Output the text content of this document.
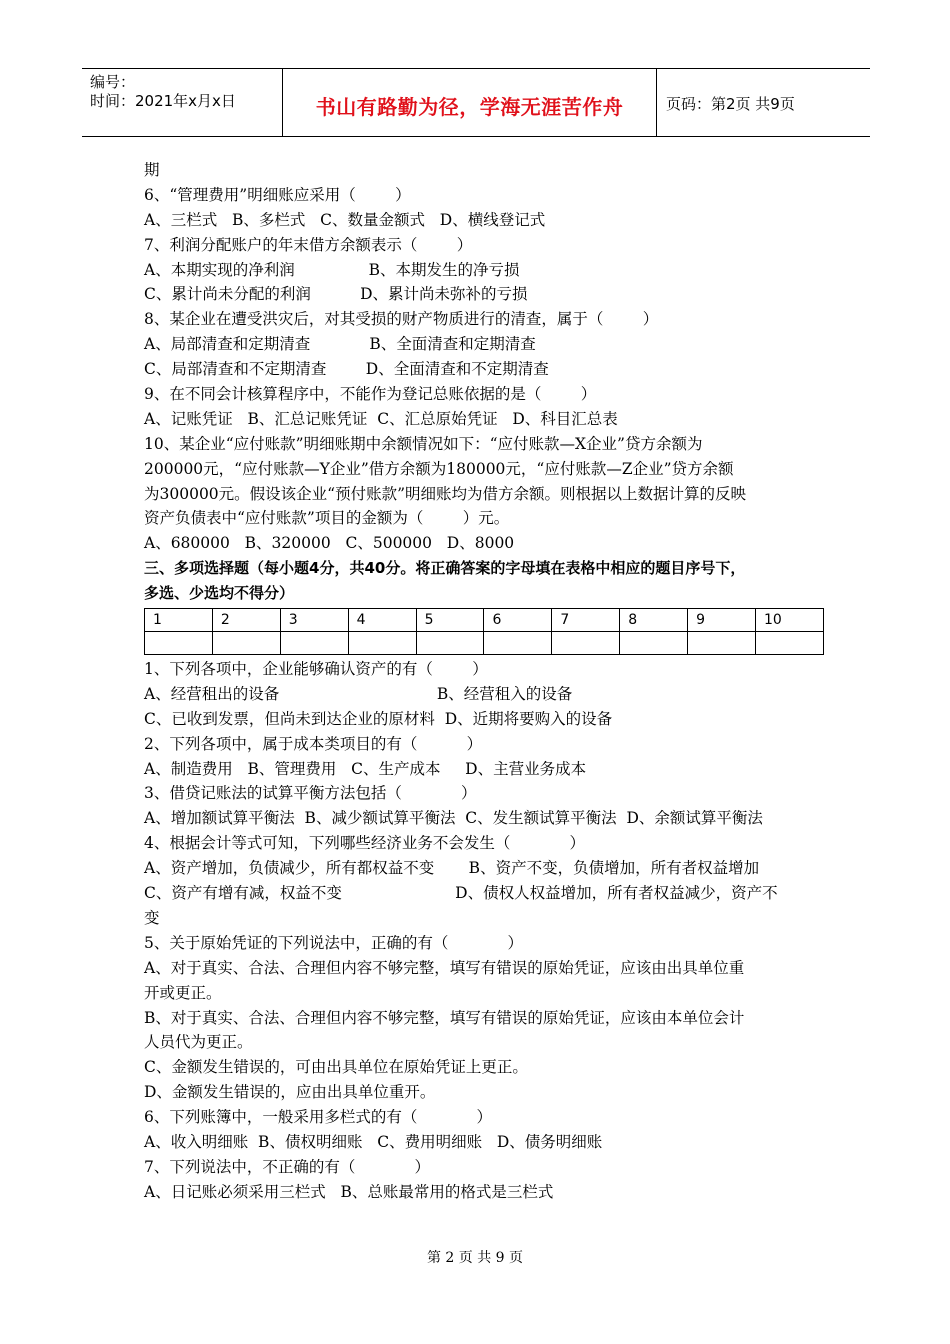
编号：
时间：2021年x月x日	书山有路勤为径，学海无涯苦作舟	页码：第2页 共9页
期
6、“管理费用”明细账应采用（        ）
A、三栏式   B、多栏式   C、数量金额式   D、横线登记式
7、利润分配账户的年末借方余额表示（        ）
A、本期实现的净利润               B、本期发生的净亏损
C、累计尚未分配的利润          D、累计尚未弥补的亏损
8、某企业在遭受洪灾后，对其受损的财产物质进行的清查，属于（        ）
A、局部清查和定期清查            B、全面清查和定期清查
C、局部清查和不定期清查        D、全面清查和不定期清查
9、在不同会计核算程序中，不能作为登记总账依据的是（        ）
A、记账凭证   B、汇总记账凭证  C、汇总原始凭证   D、科目汇总表
10、某企业“应付账款”明细账期中余额情况如下：“应付账款—X企业”贷方余额为
200000元，“应付账款—Y企业”借方余额为180000元，“应付账款—Z企业”贷方余额
为300000元。假设该企业“预付账款”明细账均为借方余额。则根据以上数据计算的反映
资产负债表中“应付账款”项目的金额为（        ）元。
A、680000   B、320000   C、500000   D、8000
三、多项选择题（每小题4分，共40分。将正确答案的字母填在表格中相应的题目序号下，
多选、少选均不得分）
1	2	3	4	5	6	7	8	9	10

1、下列各项中，企业能够确认资产的有（        ）
A、经营租出的设备                                B、经营租入的设备
C、已收到发票，但尚未到达企业的原材料  D、近期将要购入的设备
2、下列各项中，属于成本类项目的有（          ）
A、制造费用   B、管理费用   C、生产成本     D、主营业务成本
3、借贷记账法的试算平衡方法包括（            ）
A、增加额试算平衡法  B、减少额试算平衡法  C、发生额试算平衡法  D、余额试算平衡法
4、根据会计等式可知，下列哪些经济业务不会发生（            ）
A、资产增加，负债减少，所有都权益不变       B、资产不变，负债增加，所有者权益增加
C、资产有增有减，权益不变                       D、债权人权益增加，所有者权益减少，资产不
变
5、关于原始凭证的下列说法中，正确的有（            ）
A、对于真实、合法、合理但内容不够完整，填写有错误的原始凭证，应该由出具单位重
开或更正。
B、对于真实、合法、合理但内容不够完整，填写有错误的原始凭证，应该由本单位会计
人员代为更正。
C、金额发生错误的，可由出具单位在原始凭证上更正。
D、金额发生错误的，应由出具单位重开。
6、下列账簿中，一般采用多栏式的有（            ）
A、收入明细账  B、债权明细账   C、费用明细账   D、债务明细账
7、下列说法中，不正确的有（            ）
A、日记账必须采用三栏式   B、总账最常用的格式是三栏式
第 2 页 共 9 页
